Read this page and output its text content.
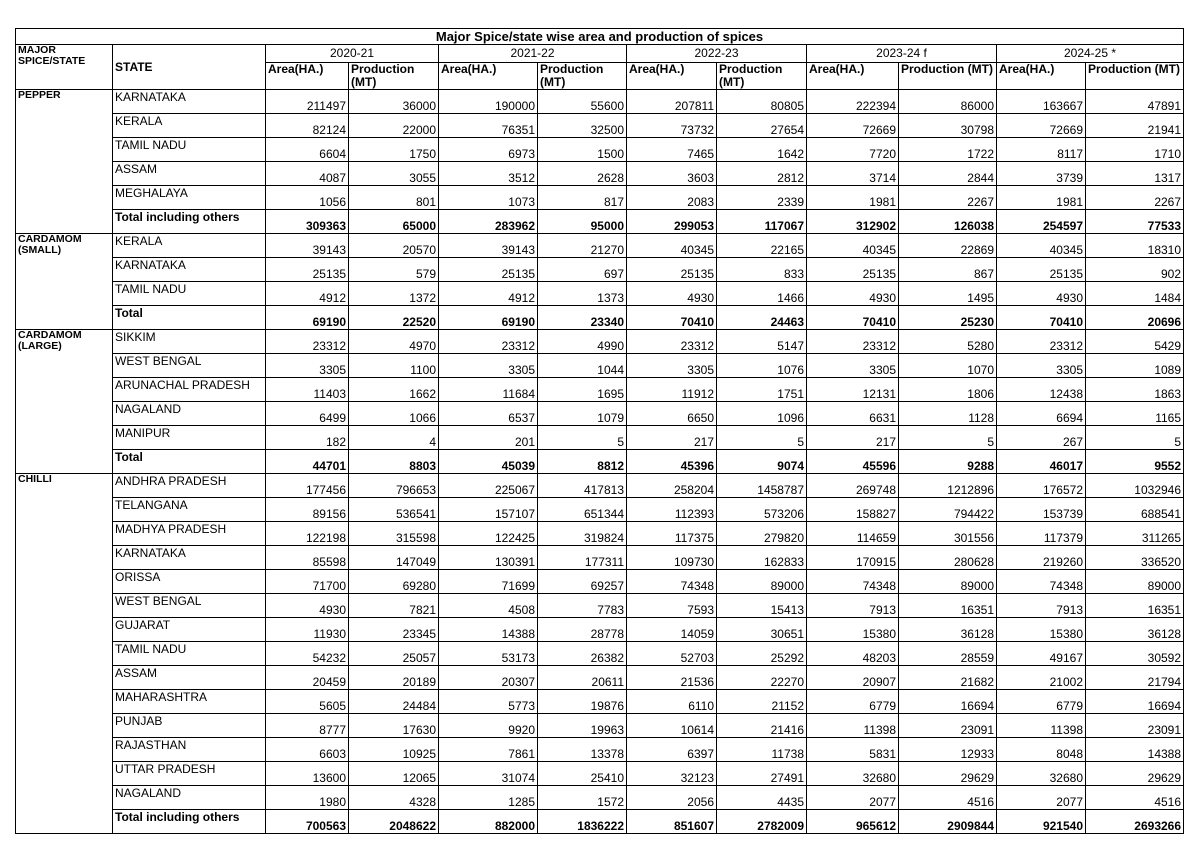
Major Spice/state wise area and production of spices											
MAJOR SPICE/STATE	STATE	2020-21		2021-22		2022-23		2023-24 f		2024-25 *	
		Area(HA.)	Production (MT)	Area(HA.)	Production (MT)	Area(HA.)	Production (MT)	Area(HA.)	Production (MT)	Area(HA.)	Production (MT)
PEPPER	KARNATAKA	211497	36000	190000	55600	207811	80805	222394	86000	163667	47891
	KERALA	82124	22000	76351	32500	73732	27654	72669	30798	72669	21941
	TAMIL NADU	6604	1750	6973	1500	7465	1642	7720	1722	8117	1710
	ASSAM	4087	3055	3512	2628	3603	2812	3714	2844	3739	1317
	MEGHALAYA	1056	801	1073	817	2083	2339	1981	2267	1981	2267
	Total including others	309363	65000	283962	95000	299053	117067	312902	126038	254597	77533
CARDAMOM (SMALL)	KERALA	39143	20570	39143	21270	40345	22165	40345	22869	40345	18310
	KARNATAKA	25135	579	25135	697	25135	833	25135	867	25135	902
	TAMIL NADU	4912	1372	4912	1373	4930	1466	4930	1495	4930	1484
	Total	69190	22520	69190	23340	70410	24463	70410	25230	70410	20696
CARDAMOM (LARGE)	SIKKIM	23312	4970	23312	4990	23312	5147	23312	5280	23312	5429
	WEST BENGAL	3305	1100	3305	1044	3305	1076	3305	1070	3305	1089
	ARUNACHAL PRADESH	11403	1662	11684	1695	11912	1751	12131	1806	12438	1863
	NAGALAND	6499	1066	6537	1079	6650	1096	6631	1128	6694	1165
	MANIPUR	182	4	201	5	217	5	217	5	267	5
	Total	44701	8803	45039	8812	45396	9074	45596	9288	46017	9552
CHILLI	ANDHRA PRADESH	177456	796653	225067	417813	258204	1458787	269748	1212896	176572	1032946
	TELANGANA	89156	536541	157107	651344	112393	573206	158827	794422	153739	688541
	MADHYA PRADESH	122198	315598	122425	319824	117375	279820	114659	301556	117379	311265
	KARNATAKA	85598	147049	130391	177311	109730	162833	170915	280628	219260	336520
	ORISSA	71700	69280	71699	69257	74348	89000	74348	89000	74348	89000
	WEST BENGAL	4930	7821	4508	7783	7593	15413	7913	16351	7913	16351
	GUJARAT	11930	23345	14388	28778	14059	30651	15380	36128	15380	36128
	TAMIL NADU	54232	25057	53173	26382	52703	25292	48203	28559	49167	30592
	ASSAM	20459	20189	20307	20611	21536	22270	20907	21682	21002	21794
	MAHARASHTRA	5605	24484	5773	19876	6110	21152	6779	16694	6779	16694
	PUNJAB	8777	17630	9920	19963	10614	21416	11398	23091	11398	23091
	RAJASTHAN	6603	10925	7861	13378	6397	11738	5831	12933	8048	14388
	UTTAR PRADESH	13600	12065	31074	25410	32123	27491	32680	29629	32680	29629
	NAGALAND	1980	4328	1285	1572	2056	4435	2077	4516	2077	4516
	Total including others	700563	2048622	882000	1836222	851607	2782009	965612	2909844	921540	2693266
